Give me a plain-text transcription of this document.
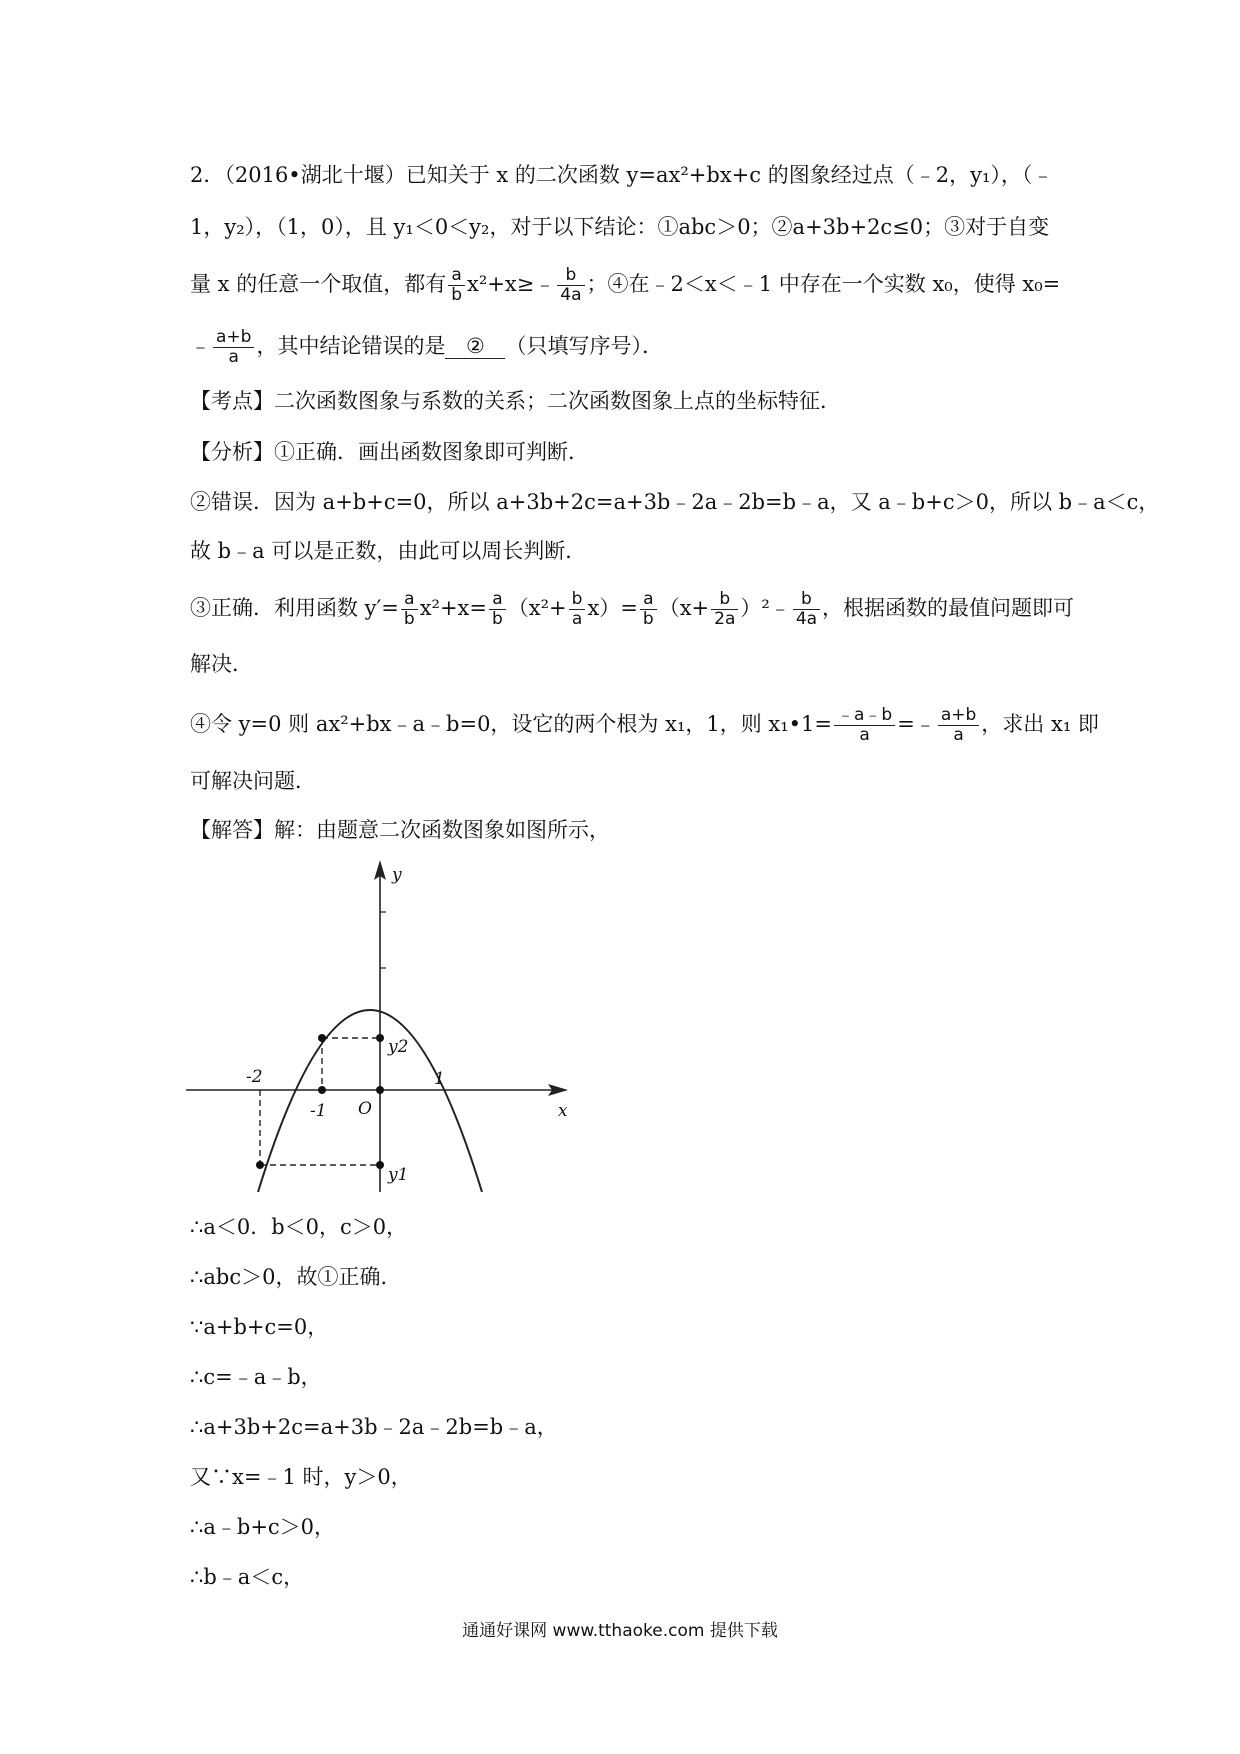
2．（2016•湖北十堰）已知关于 x 的二次函数 y=ax²+bx+c 的图象经过点（﹣2，y₁），（﹣
1，y₂），（1，0），且 y₁＜0＜y₂，对于以下结论：①abc＞0；②a+3b+2c≤0；③对于自变
量 x 的任意一个取值，都有 $\frac{a}{b}$ x²+x≥﹣ $\frac{b}{4a}$ ；④在﹣2＜x＜﹣1 中存在一个实数 x₀，使得 x₀=
﹣ $\frac{a+b}{a}$ ，其中结论错误的是 ② （只填写序号）．
【考点】二次函数图象与系数的关系；二次函数图象上点的坐标特征．
【分析】①正确．画出函数图象即可判断．
②错误．因为 a+b+c=0，所以 a+3b+2c=a+3b﹣2a﹣2b=b﹣a，又 a﹣b+c＞0，所以 b﹣a＜c，
故 b﹣a 可以是正数，由此可以周长判断．
③正确．利用函数 $y'= \frac{a}{b} x^2+x= \frac{a}{b} (x^2+ \frac{b}{a} x)= \frac{a}{b} (x+ \frac{b}{2a}$ ）²﹣ $\frac{b}{4a}$ ，根据函数的最值问题即可
解决．
④令 y=0 则 ax²+bx﹣a﹣b=0，设它的两个根为 x₁，1，则 x₁•1= $\frac{﹣a﹣b}{a}$ =﹣ $\frac{a+b}{a}$ ，求出 x₁ 即
可解决问题．
【解答】解：由题意二次函数图象如图所示，
y
x
O
-2
-1
1
y2
y1
∴a＜0．b＜0，c＞0，
∴abc＞0，故①正确．
∵a+b+c=0，
∴c=﹣a﹣b，
∴a+3b+2c=a+3b﹣2a﹣2b=b﹣a，
又∵x=﹣1 时，y＞0，
∴a﹣b+c＞0，
∴b﹣a＜c，
通通好课网 www.tthaoke.com 提供下载
